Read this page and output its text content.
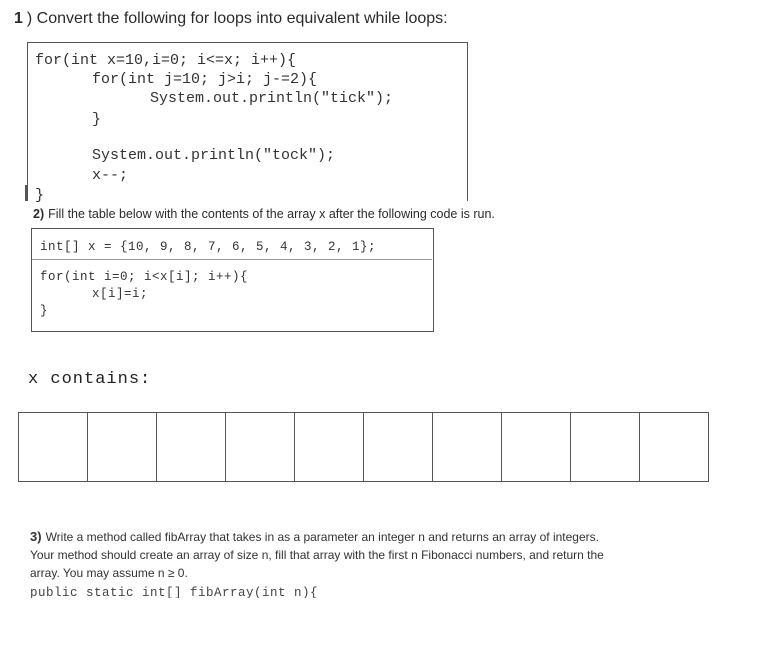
1 ) Convert the following for loops into equivalent while loops:
for(int x=10,i=0; i<=x; i++){
for(int j=10; j>i; j-=2){
System.out.println("tick");
}
System.out.println("tock");
x--;
}
2) Fill the table below with the contents of the array x after the following code is run.
int[] x = {10, 9, 8, 7, 6, 5, 4, 3, 2, 1};
for(int i=0; i<x[i]; i++){
x[i]=i;
}
x contains:
3) Write a method called fibArray that takes in as a parameter an integer n and returns an array of integers.
Your method should create an array of size n, fill that array with the first n Fibonacci numbers, and return the
array. You may assume n ≥ 0.
public static int[] fibArray(int n){
